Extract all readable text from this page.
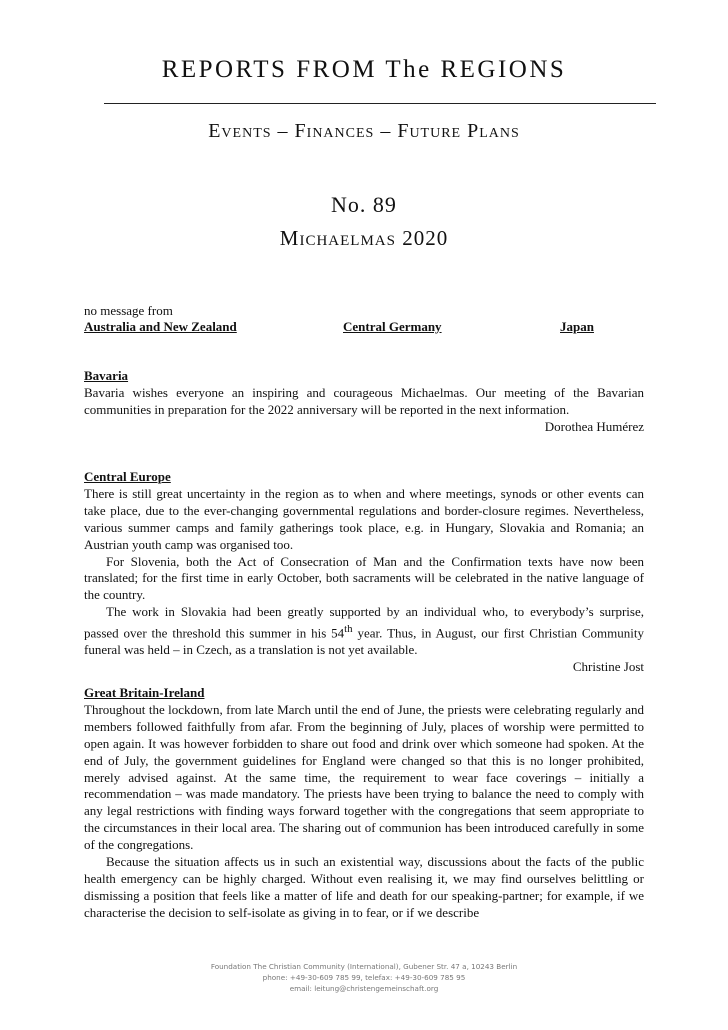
REPORTS FROM The REGIONS
Events – Finances – Future Plans
No. 89
Michaelmas 2020
no message from
Australia and New Zealand	Central Germany	Japan
Bavaria

Bavaria wishes everyone an inspiring and courageous Michaelmas. Our meeting of the Bavarian communities in preparation for the 2022 anniversary will be reported in the next information.

Dorothea Humérez

Central Europe

There is still great uncertainty in the region as to when and where meetings, synods or other events can take place, due to the ever-changing governmental regulations and border-closure regimes. Nevertheless, various summer camps and family gatherings took place, e.g. in Hungary, Slovakia and Romania; an Austrian youth camp was organised too.

For Slovenia, both the Act of Consecration of Man and the Confirmation texts have now been translated; for the first time in early October, both sacraments will be celebrated in the native language of the country.

The work in Slovakia had been greatly supported by an individual who, to everybody’s surprise, passed over the threshold this summer in his 54th year. Thus, in August, our first Christian Community funeral was held – in Czech, as a translation is not yet available.

Christine Jost

Great Britain-Ireland

Throughout the lockdown, from late March until the end of June, the priests were celebrating regularly and members followed faithfully from afar. From the beginning of July, places of worship were permitted to open again. It was however forbidden to share out food and drink over which someone had spoken. At the end of July, the government guidelines for England were changed so that this is no longer prohibited, merely advised against. At the same time, the requirement to wear face coverings – initially a recommendation – was made mandatory. The priests have been trying to balance the need to comply with any legal restrictions with finding ways forward together with the congregations that seem appropriate to the circumstances in their local area. The sharing out of communion has been introduced carefully in some of the congregations.

Because the situation affects us in such an existential way, discussions about the facts of the public health emergency can be highly charged. Without even realising it, we may find ourselves belittling or dismissing a position that feels like a matter of life and death for our speaking-partner; for example, if we characterise the decision to self-isolate as giving in to fear, or if we describe

Foundation The Christian Community (International), Gubener Str. 47 a, 10243 Berlin
phone: +49-30-609 785 99, telefax: +49-30-609 785 95
email: leitung@christengemeinschaft.org
